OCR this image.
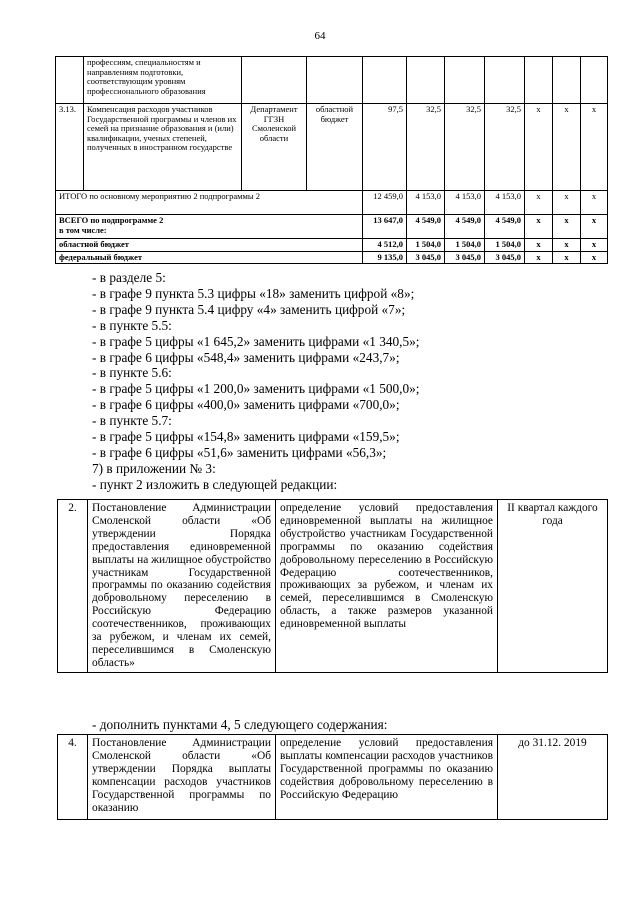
64
	профессиям, специальностям и направлениям подготовки, соответствующим уровням профессионального образования									
3.13.	Компенсация расходов участников Государственной программы и членов их семей на признание образования и (или) квалификации, ученых степеней, полученных в иностранном государстве	Департамент ГГЗН Смоленской области	областной бюджет	97,5	32,5	32,5	32,5	x	x	x
ИТОГО по основному мероприятию 2 подпрограммы 2				12 459,0	4 153,0	4 153,0	4 153,0	x	x	x
ВСЕГО по подпрограмме 2
в том числе:				13 647,0	4 549,0	4 549,0	4 549,0	x	x	x
областной бюджет				4 512,0	1 504,0	1 504,0	1 504,0	x	x	x
федеральный бюджет				9 135,0	3 045,0	3 045,0	3 045,0	x	x	x
- в разделе 5:
- в графе 9 пункта 5.3 цифры «18» заменить цифрой «8»;
- в графе 9 пункта 5.4 цифру «4» заменить цифрой «7»;
- в пункте 5.5:
- в графе 5 цифры «1 645,2» заменить цифрами «1 340,5»;
- в графе 6 цифры «548,4» заменить цифрами «243,7»;
- в пункте 5.6:
- в графе 5 цифры «1 200,0» заменить цифрами «1 500,0»;
- в графе 6 цифры «400,0» заменить цифрами «700,0»;
- в пункте 5.7:
- в графе 5 цифры «154,8» заменить цифрами «159,5»;
- в графе 6 цифры «51,6» заменить цифрами «56,3»;
7) в приложении № 3:
- пункт 2 изложить в следующей редакции:
2.	Постановление Администрации Смоленской области «Об утверждении Порядка предоставления единовременной выплаты на жилищное обустройство участникам Государственной программы по оказанию содействия добровольному переселению в Российскую Федерацию соотечественников, проживающих за рубежом, и членам их семей, переселившимся в Смоленскую область»	определение условий предоставления единовременной выплаты на жилищное обустройство участникам Государственной программы по оказанию содействия добровольному переселению в Российскую Федерацию соотечественников, проживающих за рубежом, и членам их семей, переселившимся в Смоленскую область, а также размеров указанной единовременной выплаты	II квартал каждого года
- дополнить пунктами 4, 5 следующего содержания:
4.	Постановление Администрации Смоленской области «Об утверждении Порядка выплаты компенсации расходов участников Государственной программы по оказанию	определение условий предоставления выплаты компенсации расходов участников Государственной программы по оказанию содействия добровольному переселению в Российскую Федерацию	до 31.12. 2019
